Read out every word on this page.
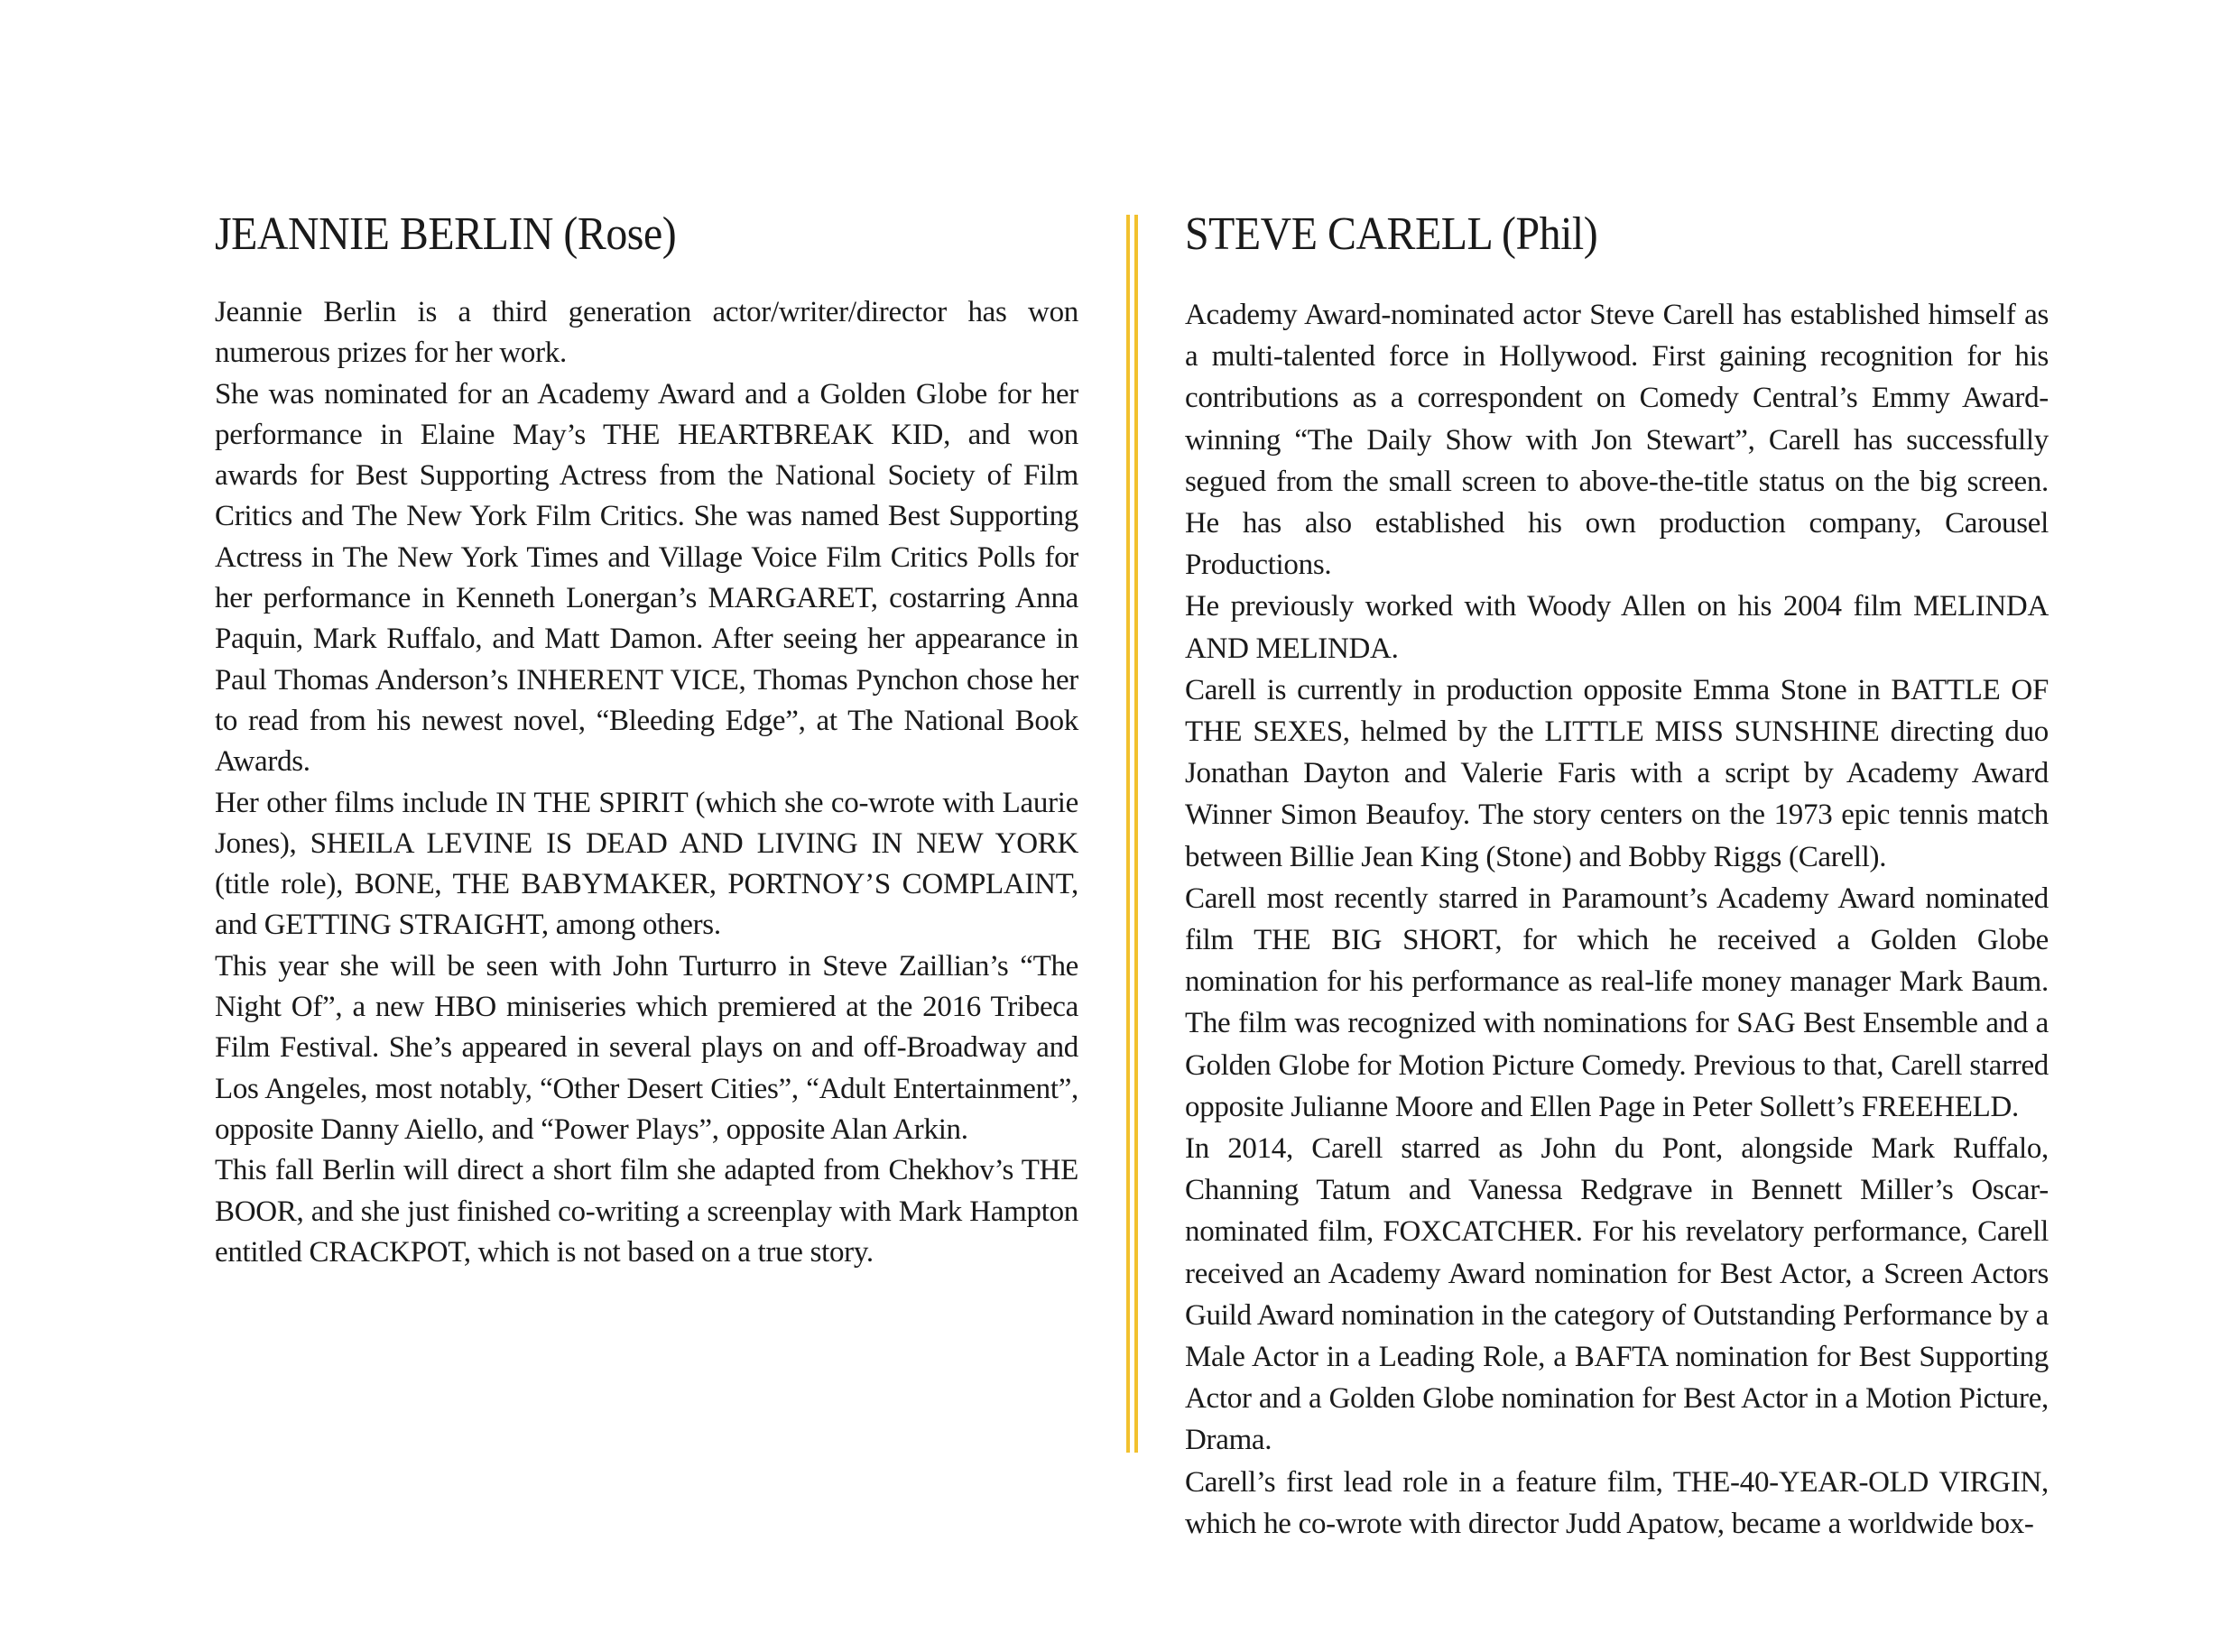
JEANNIE BERLIN (Rose)

Jeannie Berlin is a third generation actor/writer/director has won numerous prizes for her work.

She was nominated for an Academy Award and a Golden Globe for her performance in Elaine May’s THE HEARTBREAK KID, and won awards for Best Supporting Actress from the National Society of Film Critics and The New York Film Critics. She was named Best Supporting Actress in The New York Times and Village Voice Film Critics Polls for her performance in Kenneth Lonergan’s MARGARET, costarring Anna Paquin, Mark Ruffalo, and Matt Damon. After seeing her appearance in Paul Thomas Anderson’s INHERENT VICE, Thomas Pynchon chose her to read from his newest novel, “Bleeding Edge”, at The National Book Awards.

Her other films include IN THE SPIRIT (which she co-wrote with Laurie Jones), SHEILA LEVINE IS DEAD AND LIVING IN NEW YORK (title role), BONE, THE BABYMAKER, PORTNOY’S COMPLAINT, and GETTING STRAIGHT, among others.

This year she will be seen with John Turturro in Steve Zaillian’s “The Night Of”, a new HBO miniseries which premiered at the 2016 Tribeca Film Festival. She’s appeared in several plays on and off-Broadway and Los Angeles, most notably, “Other Desert Cities”, “Adult Entertainment”, opposite Danny Aiello, and “Power Plays”, opposite Alan Arkin.

This fall Berlin will direct a short film she adapted from Chekhov’s THE BOOR, and she just finished co-writing a screenplay with Mark Hampton entitled CRACKPOT, which is not based on a true story.

STEVE CARELL (Phil)

Academy Award-nominated actor Steve Carell has established himself as a multi-talented force in Hollywood. First gaining recognition for his contributions as a correspondent on Comedy Central’s Emmy Award-winning “The Daily Show with Jon Stewart”, Carell has successfully segued from the small screen to above-the-title status on the big screen. He has also established his own production company, Carousel Productions.

He previously worked with Woody Allen on his 2004 film MELINDA AND MELINDA.

Carell is currently in production opposite Emma Stone in BATTLE OF THE SEXES, helmed by the LITTLE MISS SUNSHINE directing duo Jonathan Dayton and Valerie Faris with a script by Academy Award Winner Simon Beaufoy. The story centers on the 1973 epic tennis match between Billie Jean King (Stone) and Bobby Riggs (Carell).

Carell most recently starred in Paramount’s Academy Award nominated film THE BIG SHORT, for which he received a Golden Globe nomination for his performance as real-life money manager Mark Baum. The film was recognized with nominations for SAG Best Ensemble and a Golden Globe for Motion Picture Comedy. Previous to that, Carell starred opposite Julianne Moore and Ellen Page in Peter Sollett’s FREEHELD.

In 2014, Carell starred as John du Pont, alongside Mark Ruffalo, Channing Tatum and Vanessa Redgrave in Bennett Miller’s Oscar-nominated film, FOXCATCHER. For his revelatory performance, Carell received an Academy Award nomination for Best Actor, a Screen Actors Guild Award nomination in the category of Outstanding Performance by a Male Actor in a Leading Role, a BAFTA nomination for Best Supporting Actor and a Golden Globe nomination for Best Actor in a Motion Picture, Drama.

Carell’s first lead role in a feature film, THE-40-YEAR-OLD VIRGIN, which he co-wrote with director Judd Apatow, became a worldwide box-
